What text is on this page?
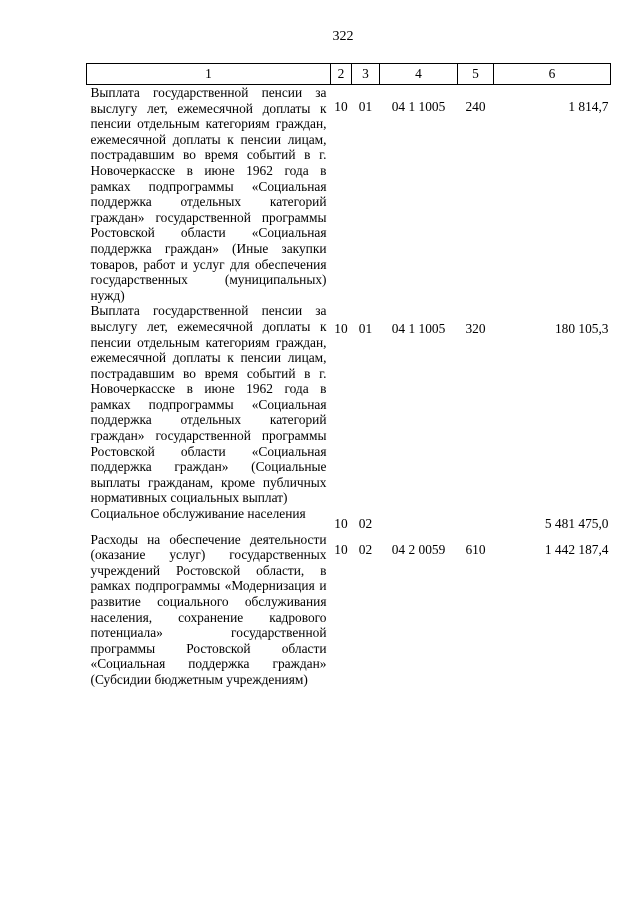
322
1	2	3	4	5	6
Выплата государственной пенсии за выслугу лет, ежемесячной доплаты к пенсии отдельным категориям граждан, ежемесячной доплаты к пенсии лицам, пострадавшим во время событий в г. Новочеркасске в июне 1962 года в рамках подпрограммы «Социальная поддержка отдельных категорий граждан» государственной программы Ростовской области «Социальная поддержка граждан» (Иные закупки товаров, работ и услуг для обеспечения государственных (муниципальных) нужд)	10	01	04 1 1005	240	1 814,7
Выплата государственной пенсии за выслугу лет, ежемесячной доплаты к пенсии отдельным категориям граждан, ежемесячной доплаты к пенсии лицам, пострадавшим во время событий в г. Новочеркасске в июне 1962 года в рамках подпрограммы «Социальная поддержка отдельных категорий граждан» государственной программы Ростовской области «Социальная поддержка граждан» (Социальные выплаты гражданам, кроме публичных нормативных социальных выплат)	10	01	04 1 1005	320	180 105,3
Социальное обслуживание населения	10	02			5 481 475,0
Расходы на обеспечение деятельности (оказание услуг) государственных учреждений Ростовской области, в рамках подпрограммы «Модернизация и развитие социального обслуживания населения, сохранение кадрового потенциала» государственной программы Ростовской области «Социальная поддержка граждан» (Субсидии бюджетным учреждениям)	10	02	04 2 0059	610	1 442 187,4
